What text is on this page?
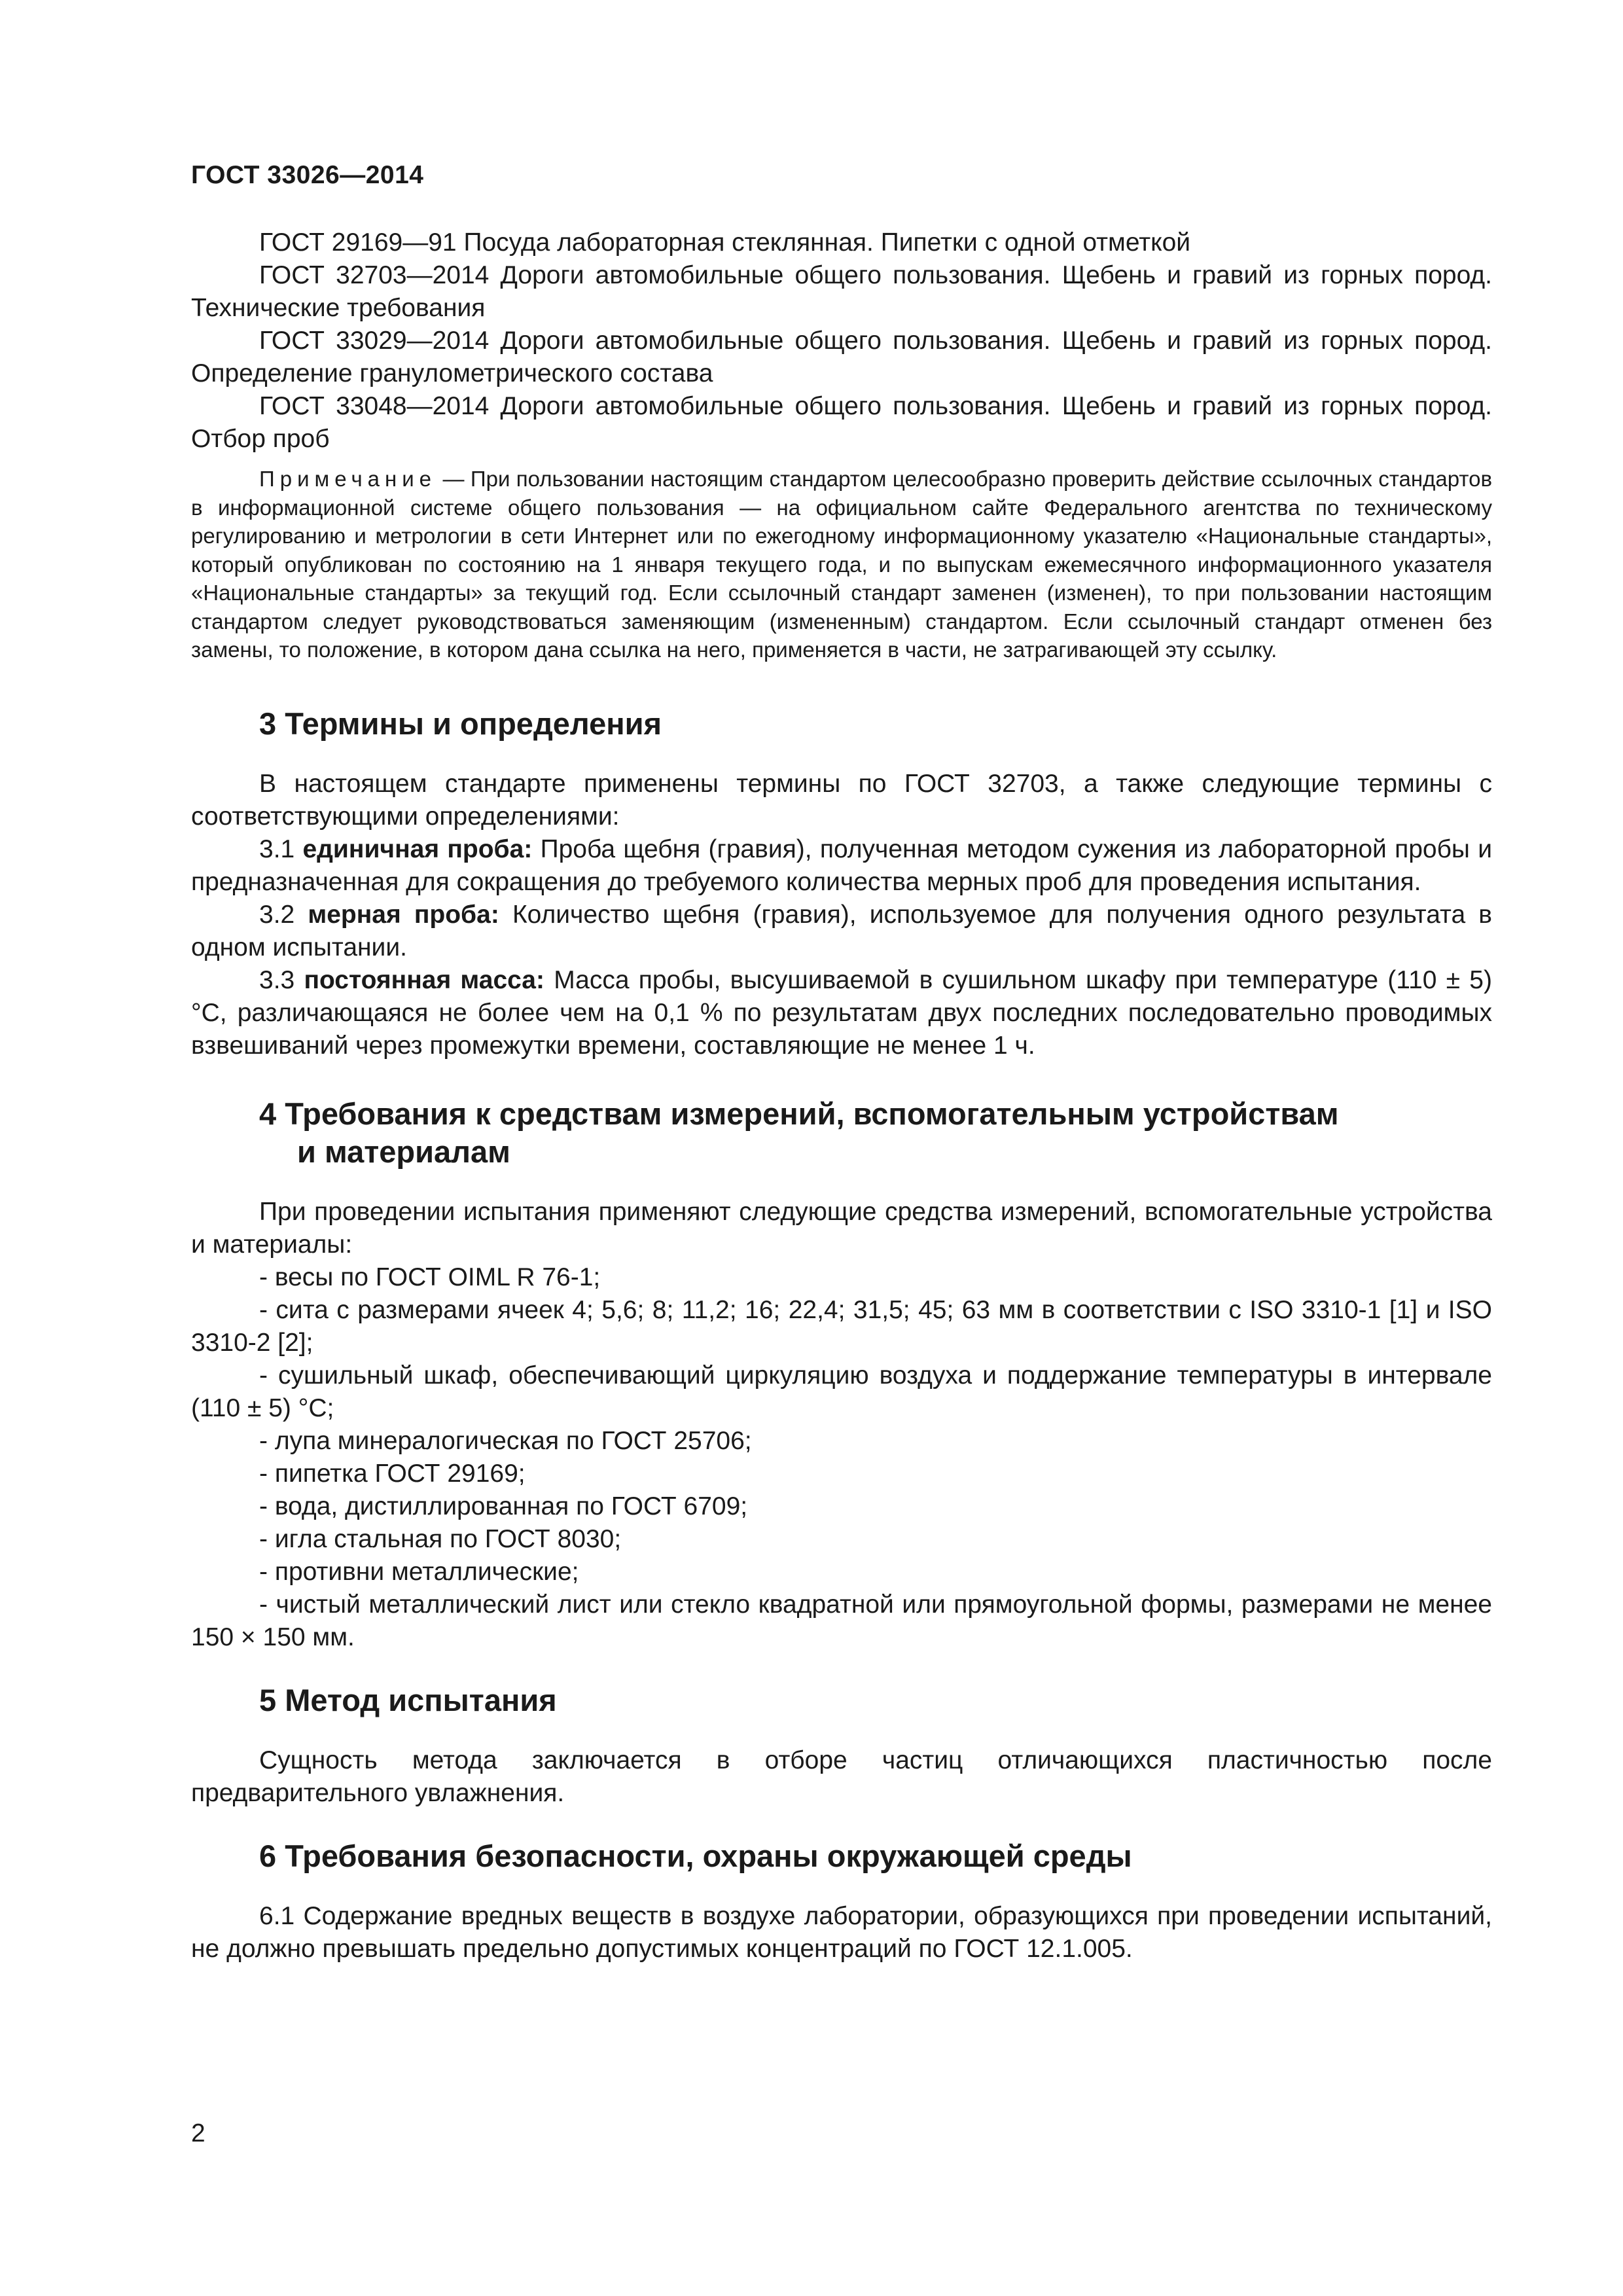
ГОСТ 33026—2014

ГОСТ 29169—91 Посуда лабораторная стеклянная. Пипетки с одной отметкой

ГОСТ 32703—2014 Дороги автомобильные общего пользования. Щебень и гравий из горных пород. Технические требования

ГОСТ 33029—2014 Дороги автомобильные общего пользования. Щебень и гравий из горных пород. Определение гранулометрического состава

ГОСТ 33048—2014 Дороги автомобильные общего пользования. Щебень и гравий из горных пород. Отбор проб

Примечание — При пользовании настоящим стандартом целесообразно проверить действие ссылочных стандартов в информационной системе общего пользования — на официальном сайте Федерального агентства по техническому регулированию и метрологии в сети Интернет или по ежегодному информационному указателю «Национальные стандарты», который опубликован по состоянию на 1 января текущего года, и по выпускам ежемесячного информационного указателя «Национальные стандарты» за текущий год. Если ссылочный стандарт заменен (изменен), то при пользовании настоящим стандартом следует руководствоваться заменяющим (измененным) стандартом. Если ссылочный стандарт отменен без замены, то положение, в котором дана ссылка на него, применяется в части, не затрагивающей эту ссылку.

3 Термины и определения

В настоящем стандарте применены термины по ГОСТ 32703, а также следующие термины с соответствующими определениями:

3.1 единичная проба: Проба щебня (гравия), полученная методом сужения из лабораторной пробы и предназначенная для сокращения до требуемого количества мерных проб для проведения испытания.

3.2 мерная проба: Количество щебня (гравия), используемое для получения одного результата в одном испытании.

3.3 постоянная масса: Масса пробы, высушиваемой в сушильном шкафу при температуре (110 ± 5) °С, различающаяся не более чем на 0,1 % по результатам двух последних последовательно проводимых взвешиваний через промежутки времени, составляющие не менее 1 ч.

4 Требования к средствам измерений, вспомогательным устройствам
и материалам

При проведении испытания применяют следующие средства измерений, вспомогательные устройства и материалы:

- весы по ГОСТ OIML R 76-1;

- сита с размерами ячеек 4; 5,6; 8; 11,2; 16; 22,4; 31,5; 45; 63 мм в соответствии с ISO 3310-1 [1] и ISO 3310-2 [2];

- сушильный шкаф, обеспечивающий циркуляцию воздуха и поддержание температуры в интервале (110 ± 5) °С;

- лупа минералогическая по ГОСТ 25706;

- пипетка ГОСТ 29169;

- вода, дистиллированная по ГОСТ 6709;

- игла стальная по ГОСТ 8030;

- противни металлические;

- чистый металлический лист или стекло квадратной или прямоугольной формы, размерами не менее 150 × 150 мм.

5 Метод испытания

Сущность метода заключается в отборе частиц отличающихся пластичностью после предварительного увлажнения.

6 Требования безопасности, охраны окружающей среды

6.1 Содержание вредных веществ в воздухе лаборатории, образующихся при проведении испытаний, не должно превышать предельно допустимых концентраций по ГОСТ 12.1.005.

2
